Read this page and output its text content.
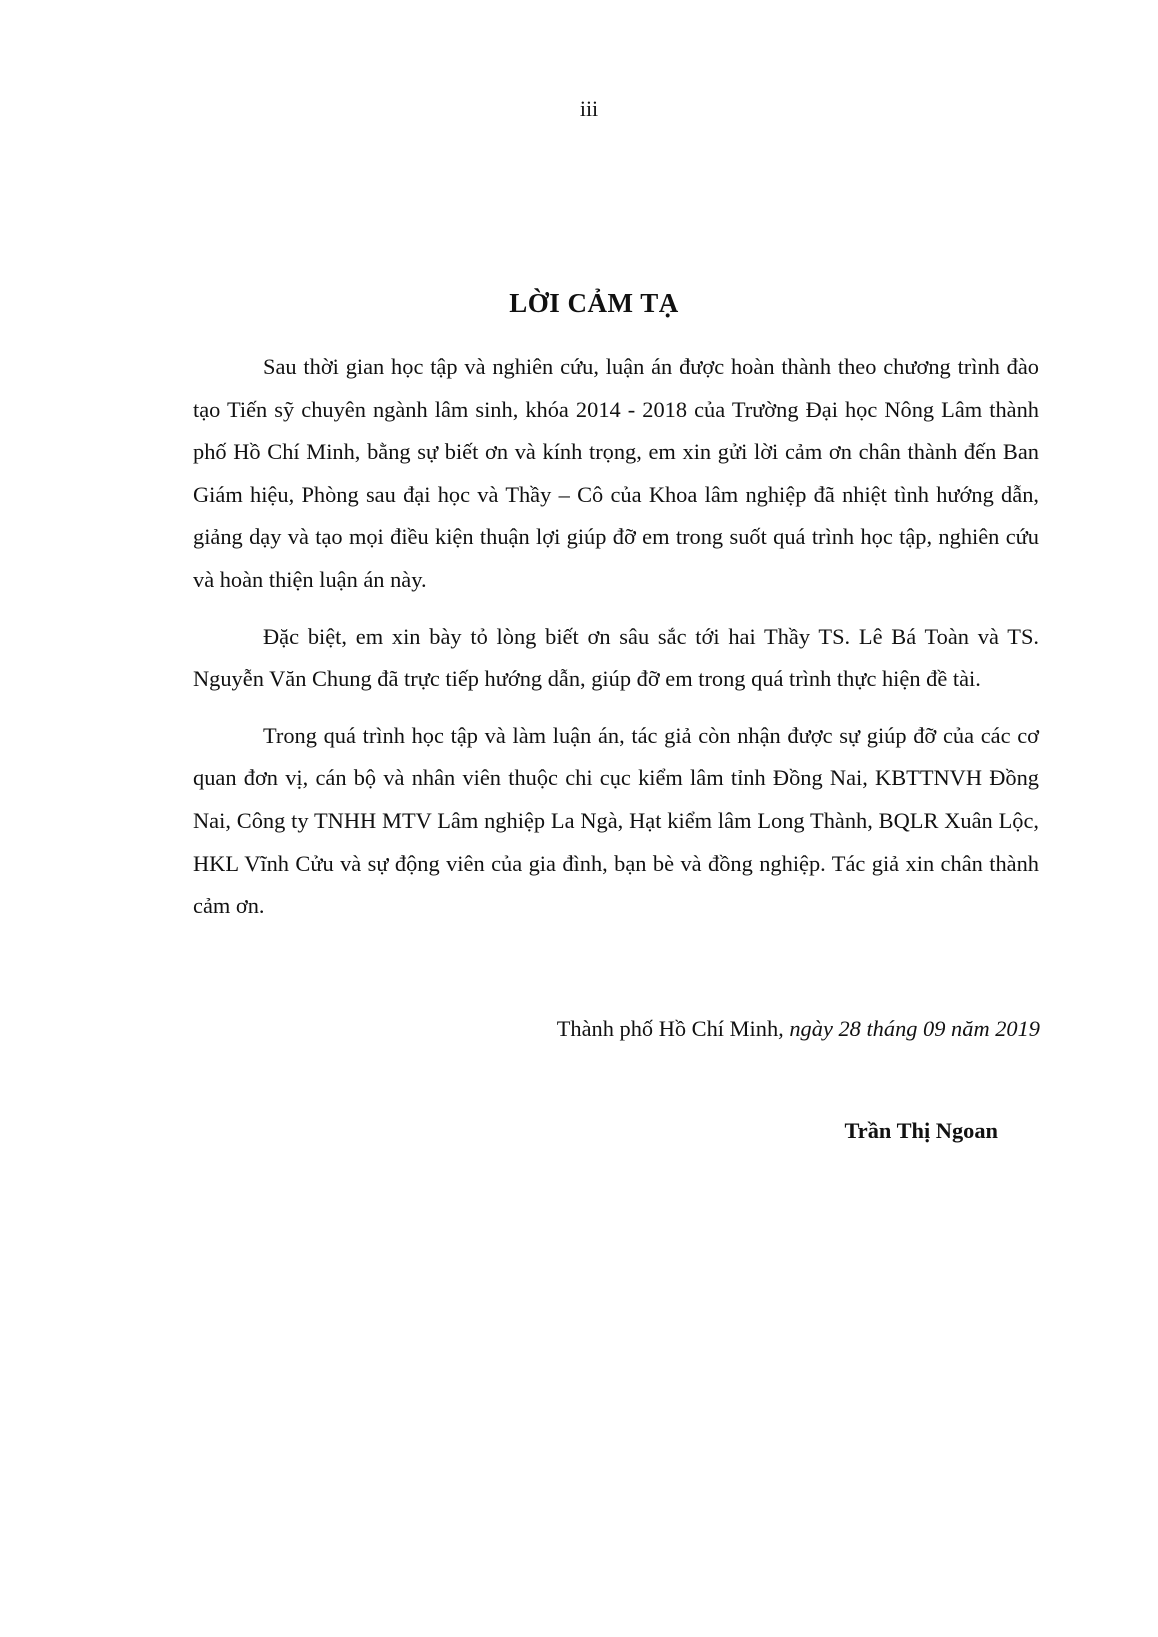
iii
LỜI CẢM TẠ

Sau thời gian học tập và nghiên cứu, luận án được hoàn thành theo chương trình đào tạo Tiến sỹ chuyên ngành lâm sinh, khóa 2014 - 2018 của Trường Đại học Nông Lâm thành phố Hồ Chí Minh, bằng sự biết ơn và kính trọng, em xin gửi lời cảm ơn chân thành đến Ban Giám hiệu, Phòng sau đại học và Thầy – Cô của Khoa lâm nghiệp đã nhiệt tình hướng dẫn, giảng dạy và tạo mọi điều kiện thuận lợi giúp đỡ em trong suốt quá trình học tập, nghiên cứu và hoàn thiện luận án này.

Đặc biệt, em xin bày tỏ lòng biết ơn sâu sắc tới hai Thầy TS. Lê Bá Toàn và TS. Nguyễn Văn Chung đã trực tiếp hướng dẫn, giúp đỡ em trong quá trình thực hiện đề tài.

Trong quá trình học tập và làm luận án, tác giả còn nhận được sự giúp đỡ của các cơ quan đơn vị, cán bộ và nhân viên thuộc chi cục kiểm lâm tỉnh Đồng Nai, KBTTNVH Đồng Nai, Công ty TNHH MTV Lâm nghiệp La Ngà, Hạt kiểm lâm Long Thành, BQLR Xuân Lộc, HKL Vĩnh Cửu và sự động viên của gia đình, bạn bè và đồng nghiệp. Tác giả xin chân thành cảm ơn.

Thành phố Hồ Chí Minh, ngày 28 tháng 09 năm 2019
Trần Thị Ngoan
